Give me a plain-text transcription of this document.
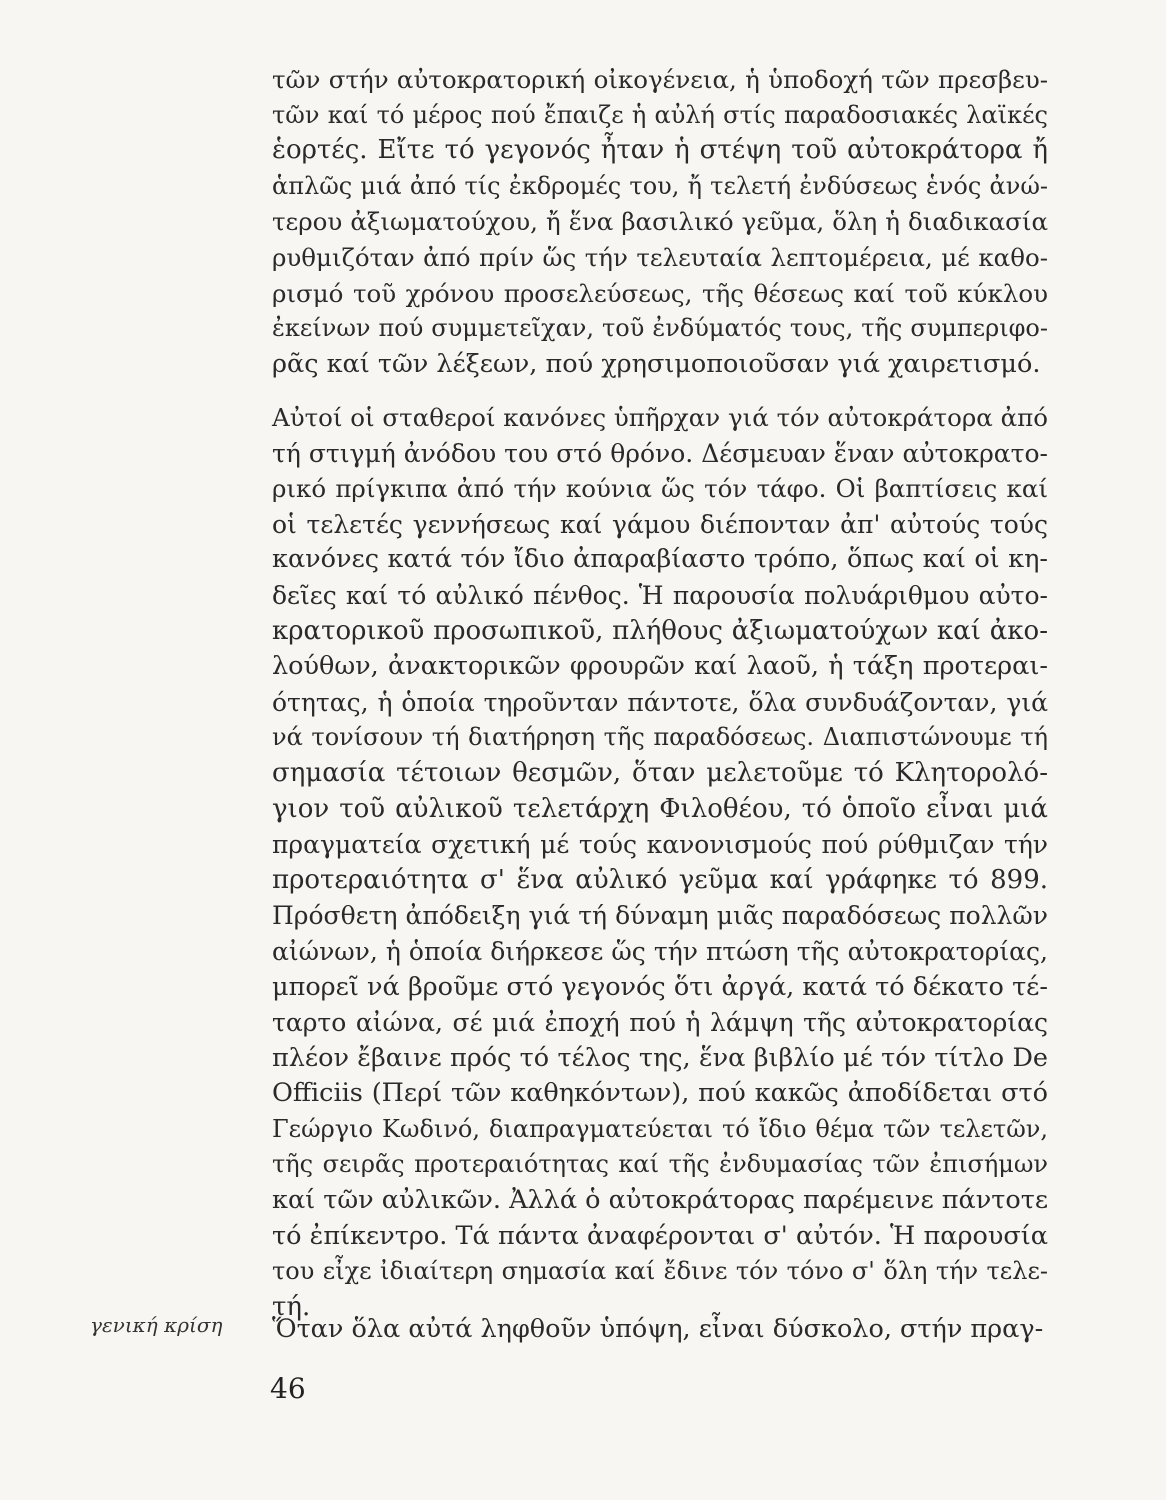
τῶν στήν αὐτοκρατορική οἰκογένεια, ἡ ὑποδοχή τῶν πρεσβευ-
τῶν καί τό μέρος πού ἔπαιζε ἡ αὐλή στίς παραδοσιακές λαϊκές
ἑορτές. Εἴτε τό γεγονός ἦταν ἡ στέψη τοῦ αὐτοκράτορα ἤ
ἁπλῶς μιά ἀπό τίς ἐκδρομές του, ἤ τελετή ἐνδύσεως ἑνός ἀνώ-
τερου ἀξιωματούχου, ἤ ἕνα βασιλικό γεῦμα, ὅλη ἡ διαδικασία
ρυθμιζόταν ἀπό πρίν ὥς τήν τελευταία λεπτομέρεια, μέ καθο-
ρισμό τοῦ χρόνου προσελεύσεως, τῆς θέσεως καί τοῦ κύκλου
ἐκείνων πού συμμετεῖχαν, τοῦ ἐνδύματός τους, τῆς συμπεριφο-
ρᾶς καί τῶν λέξεων, πού χρησιμοποιοῦσαν γιά χαιρετισμό.
Αὐτοί οἱ σταθεροί κανόνες ὑπῆρχαν γιά τόν αὐτοκράτορα ἀπό
τή στιγμή ἀνόδου του στό θρόνο. Δέσμευαν ἕναν αὐτοκρατο-
ρικό πρίγκιπα ἀπό τήν κούνια ὥς τόν τάφο. Οἱ βαπτίσεις καί
οἱ τελετές γεννήσεως καί γάμου διέπονταν ἀπ' αὐτούς τούς
κανόνες κατά τόν ἴδιο ἀπαραβίαστο τρόπο, ὅπως καί οἱ κη-
δεῖες καί τό αὐλικό πένθος. Ἡ παρουσία πολυάριθμου αὐτο-
κρατορικοῦ προσωπικοῦ, πλήθους ἀξιωματούχων καί ἀκο-
λούθων, ἀνακτορικῶν φρουρῶν καί λαοῦ, ἡ τάξη προτεραι-
ότητας, ἡ ὁποία τηροῦνταν πάντοτε, ὅλα συνδυάζονταν, γιά
νά τονίσουν τή διατήρηση τῆς παραδόσεως. Διαπιστώνουμε τή
σημασία τέτοιων θεσμῶν, ὅταν μελετοῦμε τό Κλητορολό-
γιον τοῦ αὐλικοῦ τελετάρχη Φιλοθέου, τό ὁποῖο εἶναι μιά
πραγματεία σχετική μέ τούς κανονισμούς πού ρύθμιζαν τήν
προτεραιότητα σ' ἕνα αὐλικό γεῦμα καί γράφηκε τό 899.
Πρόσθετη ἀπόδειξη γιά τή δύναμη μιᾶς παραδόσεως πολλῶν
αἰώνων, ἡ ὁποία διήρκεσε ὥς τήν πτώση τῆς αὐτοκρατορίας,
μπορεῖ νά βροῦμε στό γεγονός ὅτι ἀργά, κατά τό δέκατο τέ-
ταρτο αἰώνα, σέ μιά ἐποχή πού ἡ λάμψη τῆς αὐτοκρατορίας
πλέον ἔβαινε πρός τό τέλος της, ἕνα βιβλίο μέ τόν τίτλο De
Officiis (Περί τῶν καθηκόντων), πού κακῶς ἀποδίδεται στό
Γεώργιο Κωδινό, διαπραγματεύεται τό ἴδιο θέμα τῶν τελετῶν,
τῆς σειρᾶς προτεραιότητας καί τῆς ἐνδυμασίας τῶν ἐπισήμων
καί τῶν αὐλικῶν. Ἀλλά ὁ αὐτοκράτορας παρέμεινε πάντοτε
τό ἐπίκεντρο. Τά πάντα ἀναφέρονται σ' αὐτόν. Ἡ παρουσία
του εἶχε ἰδιαίτερη σημασία καί ἔδινε τόν τόνο σ' ὅλη τήν τελε-
τή.
γενική κρίση Ὅταν ὅλα αὐτά ληφθοῦν ὑπόψη, εἶναι δύσκολο, στήν πραγ-
46
